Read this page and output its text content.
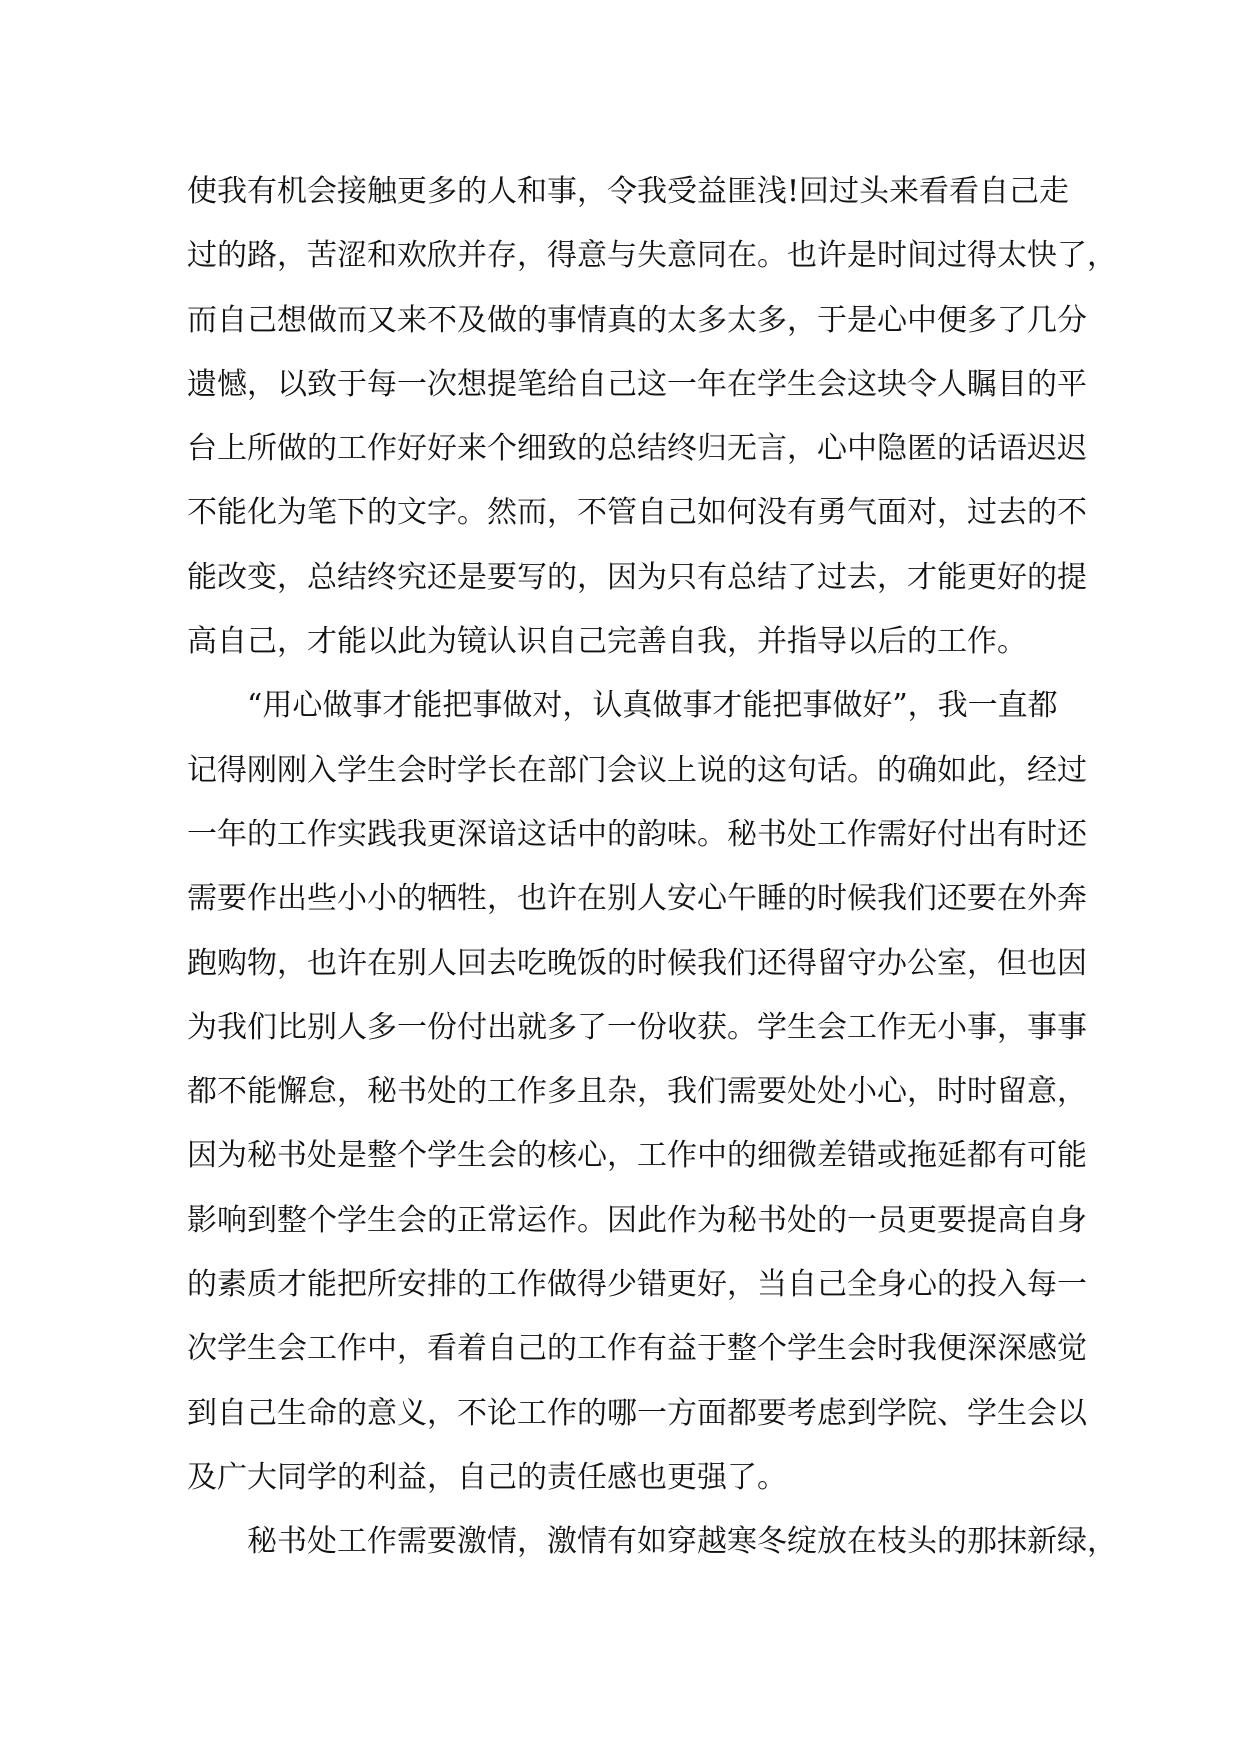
使我有机会接触更多的人和事，令我受益匪浅!回过头来看看自己走
过的路，苦涩和欢欣并存，得意与失意同在。也许是时间过得太快了，
而自己想做而又来不及做的事情真的太多太多，于是心中便多了几分
遗憾，以致于每一次想提笔给自己这一年在学生会这块令人瞩目的平
台上所做的工作好好来个细致的总结终归无言，心中隐匿的话语迟迟
不能化为笔下的文字。然而，不管自己如何没有勇气面对，过去的不
能改变，总结终究还是要写的，因为只有总结了过去，才能更好的提
高自己，才能以此为镜认识自己完善自我，并指导以后的工作。
“用心做事才能把事做对，认真做事才能把事做好”，我一直都
记得刚刚入学生会时学长在部门会议上说的这句话。的确如此，经过
一年的工作实践我更深谙这话中的韵味。秘书处工作需好付出有时还
需要作出些小小的牺牲，也许在别人安心午睡的时候我们还要在外奔
跑购物，也许在别人回去吃晚饭的时候我们还得留守办公室，但也因
为我们比别人多一份付出就多了一份收获。学生会工作无小事，事事
都不能懈怠，秘书处的工作多且杂，我们需要处处小心，时时留意，
因为秘书处是整个学生会的核心，工作中的细微差错或拖延都有可能
影响到整个学生会的正常运作。因此作为秘书处的一员更要提高自身
的素质才能把所安排的工作做得少错更好，当自己全身心的投入每一
次学生会工作中，看着自己的工作有益于整个学生会时我便深深感觉
到自己生命的意义，不论工作的哪一方面都要考虑到学院、学生会以
及广大同学的利益，自己的责任感也更强了。
秘书处工作需要激情，激情有如穿越寒冬绽放在枝头的那抹新绿，
